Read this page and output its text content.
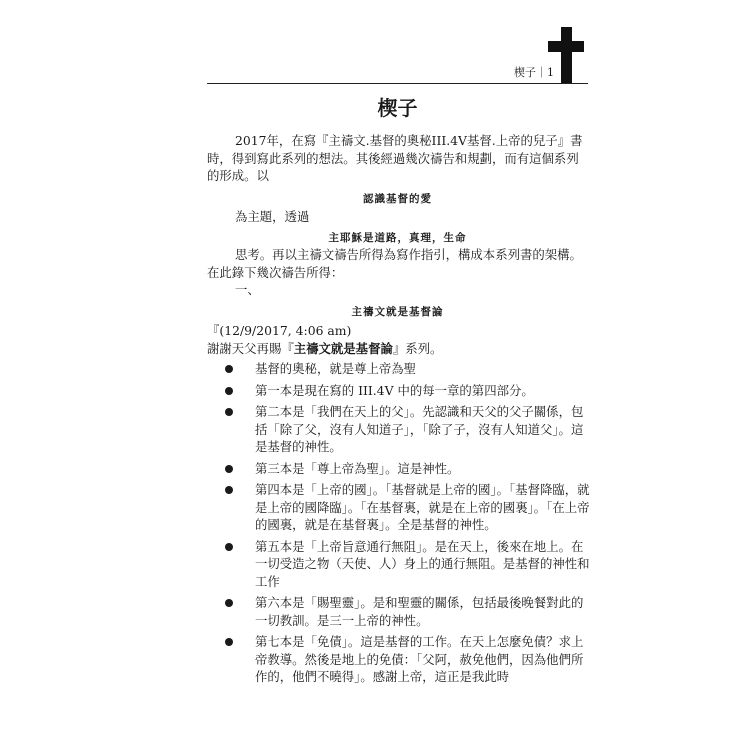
楔子｜1
楔子

2017年，在寫『主禱文.基督的奧秘III.4V基督.上帝的兒子』書時，得到寫此系列的想法。其後經過幾次禱告和規劃，而有這個系列的形成。以

認識基督的愛

為主題，透過

主耶穌是道路，真理，生命

思考。再以主禱文禱告所得為寫作指引，構成本系列書的架構。在此錄下幾次禱告所得：

一、

主禱文就是基督論

『(12/9/2017, 4:06 am)

謝謝天父再賜『主禱文就是基督論』系列。

基督的奧秘，就是尊上帝為聖
第一本是現在寫的 III.4V 中的每一章的第四部分。
第二本是「我們在天上的父」。先認識和天父的父子關係，包括「除了父，沒有人知道子」，「除了子，沒有人知道父」。這是基督的神性。
第三本是「尊上帝為聖」。這是神性。
第四本是「上帝的國」。「基督就是上帝的國」。「基督降臨，就是上帝的國降臨」。「在基督裏，就是在上帝的國裏」。「在上帝的國裏，就是在基督裏」。全是基督的神性。
第五本是「上帝旨意通行無阻」。是在天上，後來在地上。在一切受造之物（天使、人）身上的通行無阻。是基督的神性和工作
第六本是「賜聖靈」。是和聖靈的關係，包括最後晚餐對此的一切教訓。是三一上帝的神性。
第七本是「免債」。這是基督的工作。在天上怎麼免債？求上帝教導。然後是地上的免債：「父阿，赦免他們，因為他們所作的，他們不曉得」。感謝上帝，這正是我此時
